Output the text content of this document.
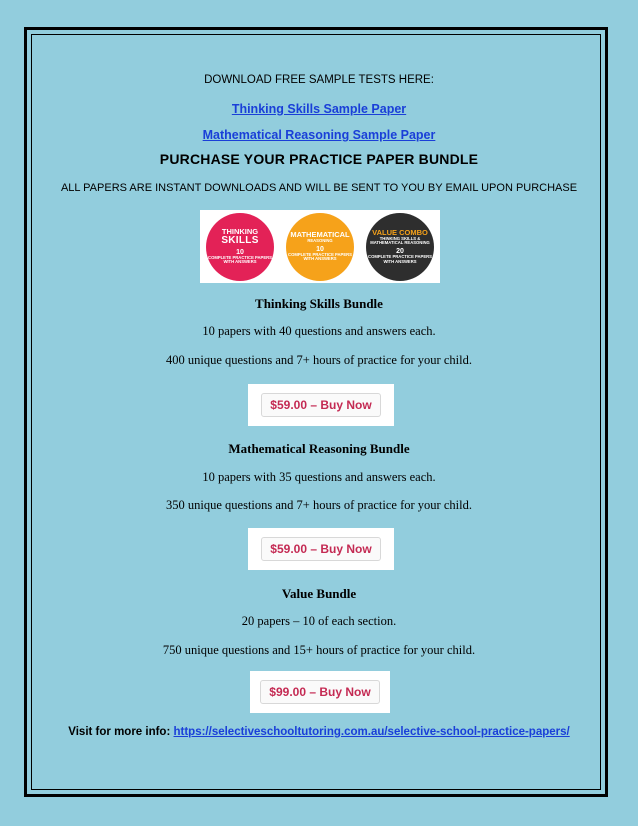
DOWNLOAD FREE SAMPLE TESTS HERE:
Thinking Skills Sample Paper
Mathematical Reasoning Sample Paper
PURCHASE YOUR PRACTICE PAPER BUNDLE
ALL PAPERS ARE INSTANT DOWNLOADS AND WILL BE SENT TO YOU BY EMAIL UPON PURCHASE
THINKING
SKILLS
10
COMPLETE PRACTICE PAPERS WITH ANSWERS
MATHEMATICAL
REASONING
10
COMPLETE PRACTICE PAPERS WITH ANSWERS
VALUE COMBO
THINKING SKILLS & MATHEMATICAL REASONING
20
COMPLETE PRACTICE PAPERS WITH ANSWERS
Thinking Skills Bundle
10 papers with 40 questions and answers each.
400 unique questions and 7+ hours of practice for your child.
$59.00 – Buy Now
Mathematical Reasoning Bundle
10 papers with 35 questions and answers each.
350 unique questions and 7+ hours of practice for your child.
$59.00 – Buy Now
Value Bundle
20 papers – 10 of each section.
750 unique questions and 15+ hours of practice for your child.
$99.00 – Buy Now
Visit for more info: https://selectiveschooltutoring.com.au/selective-school-practice-papers/
